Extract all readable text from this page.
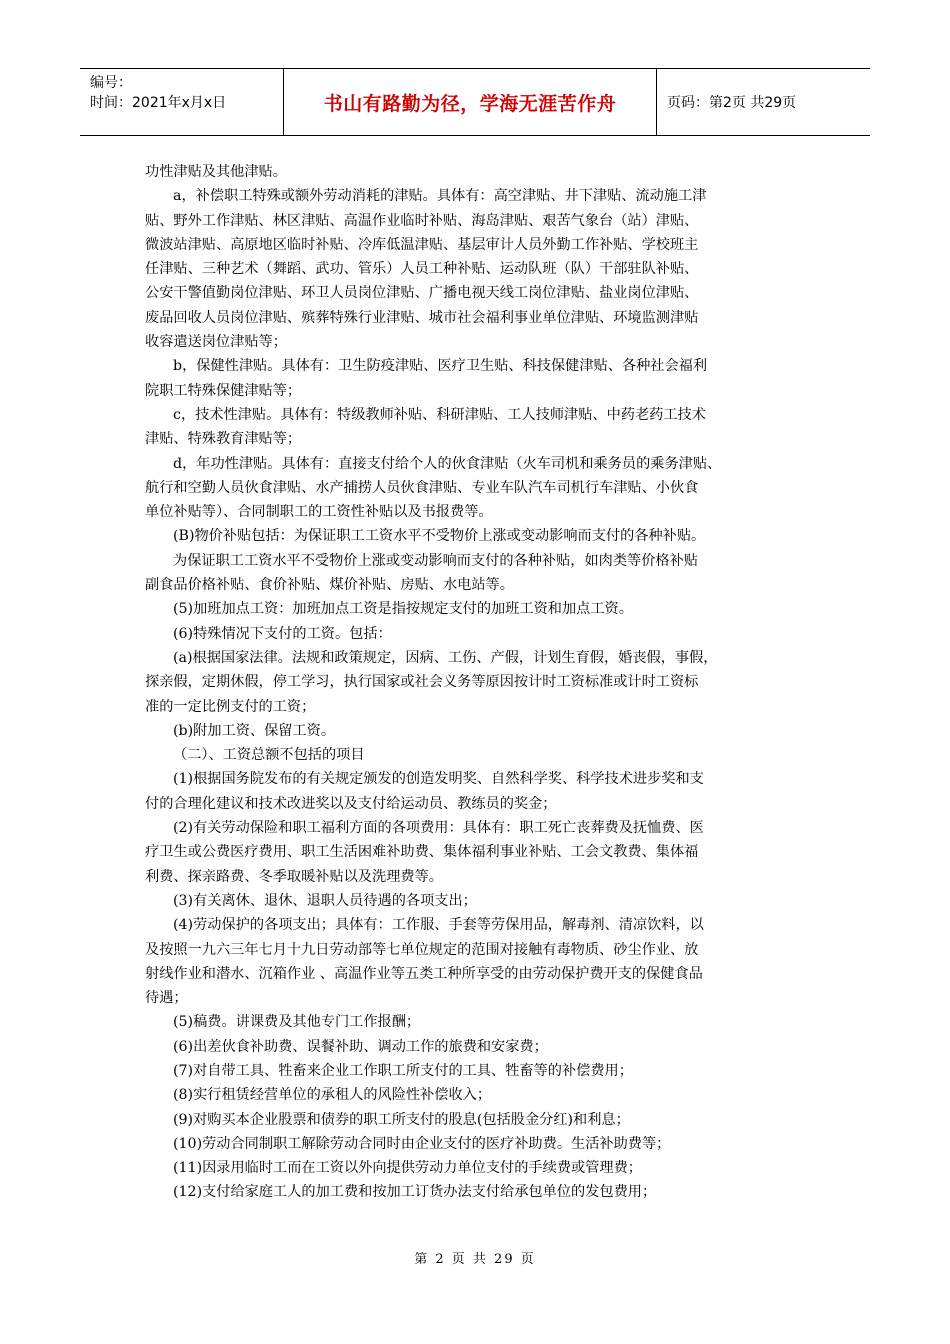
编号：
时间：2021年x月x日	书山有路勤为径，学海无涯苦作舟	页码：第2页 共29页
功性津贴及其他津贴。
a，补偿职工特殊或额外劳动消耗的津贴。具体有：高空津贴、井下津贴、流动施工津
贴、野外工作津贴、林区津贴、高温作业临时补贴、海岛津贴、艰苦气象台（站）津贴、
微波站津贴、高原地区临时补贴、冷库低温津贴、基层审计人员外勤工作补贴、学校班主
任津贴、三种艺术（舞蹈、武功、管乐）人员工种补贴、运动队班（队）干部驻队补贴、
公安干警值勤岗位津贴、环卫人员岗位津贴、广播电视天线工岗位津贴、盐业岗位津贴、
废品回收人员岗位津贴、殡葬特殊行业津贴、城市社会福利事业单位津贴、环境监测津贴
收容遣送岗位津贴等；
b，保健性津贴。具体有：卫生防疫津贴、医疗卫生贴、科技保健津贴、各种社会福利
院职工特殊保健津贴等；
c，技术性津贴。具体有：特级教师补贴、科研津贴、工人技师津贴、中药老药工技术
津贴、特殊教育津贴等；
d，年功性津贴。具体有：直接支付给个人的伙食津贴（火车司机和乘务员的乘务津贴、
航行和空勤人员伙食津贴、水产捕捞人员伙食津贴、专业车队汽车司机行车津贴、小伙食
单位补贴等）、合同制职工的工资性补贴以及书报费等。
(B)物价补贴包括：为保证职工工资水平不受物价上涨或变动影响而支付的各种补贴。
为保证职工工资水平不受物价上涨或变动影响而支付的各种补贴，如肉类等价格补贴
副食品价格补贴、食价补贴、煤价补贴、房贴、水电站等。
(5)加班加点工资：加班加点工资是指按规定支付的加班工资和加点工资。
(6)特殊情况下支付的工资。包括：
(a)根据国家法律。法规和政策规定，因病、工伤、产假，计划生育假，婚丧假，事假，
探亲假，定期休假，停工学习，执行国家或社会义务等原因按计时工资标准或计时工资标
准的一定比例支付的工资；
(b)附加工资、保留工资。
（二）、工资总额不包括的项目
(1)根据国务院发布的有关规定颁发的创造发明奖、自然科学奖、科学技术进步奖和支
付的合理化建议和技术改进奖以及支付给运动员、教练员的奖金；
(2)有关劳动保险和职工福利方面的各项费用：具体有：职工死亡丧葬费及抚恤费、医
疗卫生或公费医疗费用、职工生活困难补助费、集体福利事业补贴、工会文教费、集体福
利费、探亲路费、冬季取暖补贴以及洗理费等。
(3)有关离休、退休、退职人员待遇的各项支出；
(4)劳动保护的各项支出；具体有：工作服、手套等劳保用品，解毒剂、清凉饮料，以
及按照一九六三年七月十九日劳动部等七单位规定的范围对接触有毒物质、砂尘作业、放
射线作业和潜水、沉箱作业 、高温作业等五类工种所享受的由劳动保护费开支的保健食品
待遇；
(5)稿费。讲课费及其他专门工作报酬；
(6)出差伙食补助费、误餐补助、调动工作的旅费和安家费；
(7)对自带工具、牲畜来企业工作职工所支付的工具、牲畜等的补偿费用；
(8)实行租赁经营单位的承租人的风险性补偿收入；
(9)对购买本企业股票和债券的职工所支付的股息(包括股金分红)和利息；
(10)劳动合同制职工解除劳动合同时由企业支付的医疗补助费。生活补助费等；
(11)因录用临时工而在工资以外向提供劳动力单位支付的手续费或管理费；
(12)支付给家庭工人的加工费和按加工订货办法支付给承包单位的发包费用；
第 2 页 共 29 页
